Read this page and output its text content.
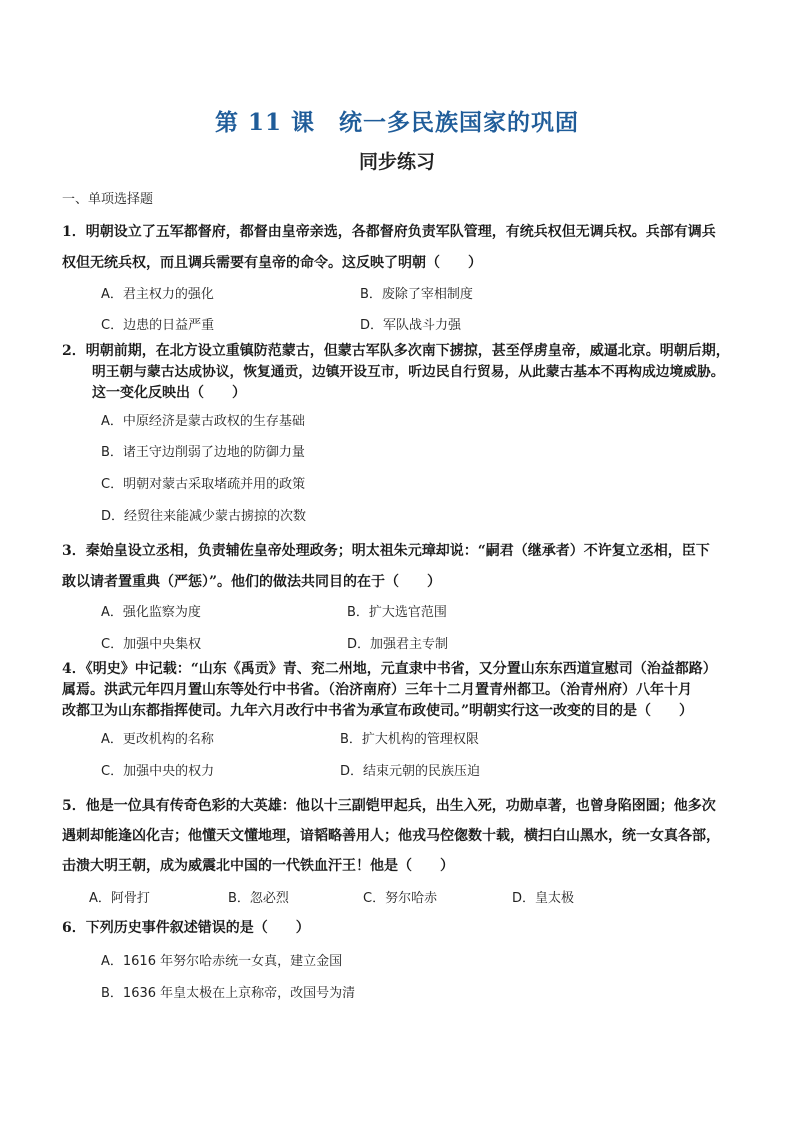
第 11 课　统一多民族国家的巩固
同步练习
一、单项选择题
1．明朝设立了五军都督府，都督由皇帝亲选，各都督府负责军队管理，有统兵权但无调兵权。兵部有调兵
权但无统兵权，而且调兵需要有皇帝的命令。这反映了明朝（　　）
A．君主权力的强化	B．废除了宰相制度
C．边患的日益严重	D．军队战斗力强
2．明朝前期，在北方设立重镇防范蒙古，但蒙古军队多次南下掳掠，甚至俘虏皇帝，威逼北京。明朝后期，
明王朝与蒙古达成协议，恢复通贡，边镇开设互市，听边民自行贸易，从此蒙古基本不再构成边境威胁。
这一变化反映出（　　）
A．中原经济是蒙古政权的生存基础
B．诸王守边削弱了边地的防御力量
C．明朝对蒙古采取堵疏并用的政策
D．经贸往来能减少蒙古掳掠的次数
3．秦始皇设立丞相，负责辅佐皇帝处理政务；明太祖朱元璋却说：“嗣君（继承者）不许复立丞相，臣下
敢以请者置重典（严惩）”。他们的做法共同目的在于（　　）
A．强化监察为度	B．扩大选官范围
C．加强中央集权	D．加强君主专制
4．《明史》中记载：“山东《禹贡》青、兖二州地，元直隶中书省，又分置山东东西道宣慰司（治益都路）
属焉。洪武元年四月置山东等处行中书省。（治济南府）三年十二月置青州都卫。（治青州府）八年十月
改都卫为山东都指挥使司。九年六月改行中书省为承宣布政使司。”明朝实行这一改变的目的是（　　）
A．更改机构的名称	B．扩大机构的管理权限
C．加强中央的权力	D．结束元朝的民族压迫
5．他是一位具有传奇色彩的大英雄：他以十三副铠甲起兵，出生入死，功勋卓著，也曾身陷囹圄；他多次
遇刺却能逢凶化吉；他懂天文懂地理，谙韬略善用人；他戎马倥偬数十载，横扫白山黑水，统一女真各部，
击溃大明王朝，成为威震北中国的一代铁血汗王！他是（　　）
A．阿骨打	B．忽必烈	C．努尔哈赤	D．皇太极
6．下列历史事件叙述错误的是（　　）
A．1616 年努尔哈赤统一女真，建立金国
B．1636 年皇太极在上京称帝，改国号为清
